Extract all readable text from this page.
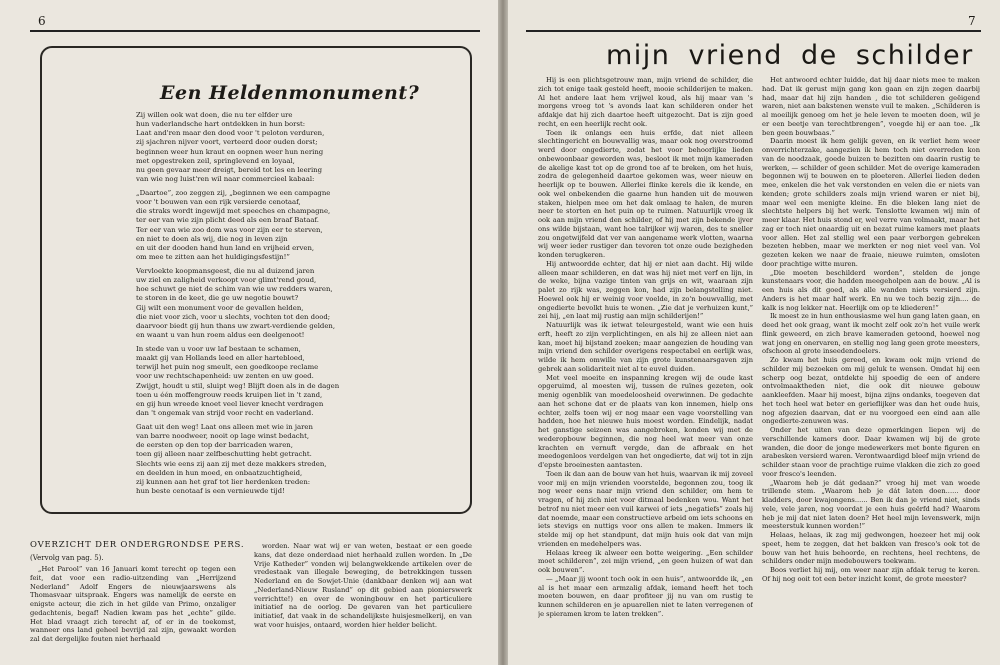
6
Een Heldenmonument?

Zij willen ook wat doen, die nu ter elfder ure

hun vaderlandsche hart ontdekken in hun borst:

Laat and'ren maar den dood voor 't peloton verduren,

zij sjachren nijver voort, verteerd door ouden dorst;

beginnen weer hun kraut en oopnen weer hun nering

met opgestreken zeil, springlevend en loyaal,

nu geen gevaar meer dreigt, bereid tot les en leering

van wie nog luist'ren wil naar commercieel kabaal:

„Daartoe”, zoo zeggen zij, „beginnen we een campagne

voor 't bouwen van een rijk versierde cenotaaf,

die straks wordt ingewijd met speeches en champagne,

ter eer van wie zijn plicht deed als een braaf Bataaf.

Ter eer van wie zoo dom was voor zijn eer te sterven,

en niet te doen als wij, die nog in leven zijn

en uit der dooden hand hun land en vrijheid erven,

om mee te zitten aan het huldigingsfestijn!”

Vervloekte koopmansgeest, die nu al duizend jaren

uw ziel en zaligheid verkoopt voor glimt'rend goud,

hoe schuwt ge niet de schim van wie uw redders waren,

te storen in de keet, die ge uw negotie bouwt?

Gij wilt een monument voor de gevallen helden,

die niet voor zich, voor u slechts, vochten tot den dood;

daarvoor biedt gij hun thans uw zwart-verdiende gelden,

en waant u van hun roem aldus een deelgenoot!

In stede van u voor uw laf bestaan te schamen,

maakt gij van Hollands leed en aller hartebloed,

terwijl het puin nog smeult, een goedkoope reclame

voor uw rechtschapenheid: uw zenten en uw goed.

Zwijgt, houdt u stil, sluipt weg! Blijft doen als in de dagen

toen u één moffengrouw reeds kruipen liet in 't zand,

en gij hun wreede knoet veel liever knecht verdragen

dan 't ongemak van strijd voor recht en vaderland.

Gaat uit den weg! Laat ons alleen met wie in jaren

van barre noodweer, nooit op lage winst bedacht,

de eersten op den top der barricaden waren,

toen gij alleen naar zelfbeschutting hebt getracht.

Slechts wie eens zij aan zij met deze makkers streden,

en deelden in hun moed, en onbaatzuchtigheid,

zij kunnen aan het graf tot lier herdenken treden:

hun beste cenotaaf is een vernieuwde tijd!

OVERZICHT DER ONDERGRONDSE PERS.

(Vervolg van pag. 5).

„Het Parool” van 16 Januari komt terecht op tegen een feit, dat voor een radio-uitzending van „Herrijzend Nederland” Adolf Engers de nieuwjaarswens als Thomasvaar uitspraak. Engers was namelijk de eerste en enigste acteur, die zich in het gilde van Primo, onzaliger gedachtenis, begaf! Nadien kwam pas het „echte” gilde. Het blad vraagt zich terecht af, of er in de toekomst, wanneer ons land geheel bevrijd zal zijn, gewaakt worden zal dat dergelijke fouten niet herhaald

worden. Naar wat wij er van weten, bestaat er een goede kans, dat deze onderdaad niet herhaald zullen worden. In „De Vrije Katheder” vonden wij belangwekkende artikelen over de vredestaak van illegale beweging, de betrekkingen tussen Nederland en de Sowjet-Unie (dankbaar denken wij aan wat „Nederland-Nieuw Rusland” op dit gebied aan pionierswerk verrichtte!) en over de woningbouw en het particuliere initiatief na de oorlog. De gevaren van het particuliere initiatief, dat vaak in de schandelijkste huisjesmelkerij, en van wat voor huisjes, ontaard, worden hier helder belicht.

7
mijn vriend de schilder

Hij is een plichtsgetrouw man, mijn vriend de schilder, die zich tot enige taak gesteld heeft, mooie schilderijen te maken. Al het andere laat hem vrijwel koud, als hij maar van 's morgens vroeg tot 's avonds laat kan schilderen onder het afdakje dat hij zich daartoe heeft uitgezocht. Dat is zijn goed recht, en een heerlijk recht ook.

Toen ik onlangs een huis erfde, dat niet alleen slechtingericht en bouwvallig was, maar ook nog overstroomd werd door ongedierte, zodat het voor behoorlijke lieden onbewoonbaar geworden was, besloot ik met mijn kameraden de akelige kast tot op de grond toe af te breken, om het huis, zodra de gelegenheid daartoe gekomen was, weer nieuw en heerlijk op te bouwen. Allerlei flinke kerels die ik kende, en ook wel onbekenden die gaarne hun handen uit de mouwen staken, hielpen mee om het dak omlaag te halen, de muren neer te storten en het puin op te ruimen. Natuurlijk vroeg ik ook aan mijn vriend den schilder, of hij met zijn bekende ijver ons wilde bijstaan, want hoe talrijker wij waren, des te sneller zou ongetwijfeld dat ver van aangename werk vlotten, waarna wij weer ieder rustiger dan tevoren tot onze oude bezigheden konden terugkeren.

Hij antwoordde echter, dat hij er niet aan dacht. Hij wilde alleen maar schilderen, en dat was hij niet met verf en lijn, in de weke, bijna vazige tinten van grijs en wit, waaraan zijn palet zo rijk was, zeggen kon, had zijn belangstelling niet. Hoewel ook hij er weinig voor voelde, in zo'n bouwvallig, met ongedierte bevolkt huis te wonen. „Zie dat je verhuizen kunt,” zei hij, „en laat mij rustig aan mijn schilderijen!”

Natuurlijk was ik ietwat teleurgesteld, want wie een huis erft, heeft zo zijn verplichtingen, en als hij ze alleen niet aan kan, moet hij bijstand zoeken; maar aangezien de houding van mijn vriend den schilder overigens respectabel en eerlijk was, wilde ik hem omwille van zijn grote kunstenaarsgaven zijn gebrek aan solidariteit niet al te euvel duiden.

Met veel moeite en inspanning kregen wij de oude kast opgeruimd, al moesten wij, tussen de ruïnes gezeten, ook menig ogenblik van moedeloosheid overwinnen. De gedachte aan het schone dat er de plaats van kon innemen, hielp ons echter, zelfs toen wij er nog maar een vage voorstelling van hadden, hoe het nieuwe huis moest worden. Eindelijk, nadat het ganstige seizoen was aangebroken, konden wij met de wederopbouw beginnen, die nog heel wat meer van onze krachten en vernuft vergde, dan de afbraak en het meedogenloos verdelgen van het ongedierte, dat wij tot in zijn d'epste broeinesten aantasten.

Toen ik dan aan de bouw van het huis, waarvan ik mij zoveel voor mij en mijn vrienden voorstelde, begonnen zou, toog ik nog weer eens naar mijn vriend den schilder, om hem te vragen, of hij zich niet voor ditmaal bedenken wou. Want het betrof nu niet meer een vuil karwei of iets „negatiefs” zoals hij dat noemde, maar een constructieve arbeid om iets schoons en iets stevigs en nuttigs voor ons allen te maken. Immers ik stelde mij op het standpunt, dat mijn huis ook dat van mijn vrienden en medehelpers was.

Helaas kreeg ik alweer een botte weigering. „Een schilder moet schilderen”, zei mijn vriend, „en geen huizen of wat dan ook bouwen”.

— „Maar jij woont toch ook in een huis”, antwoordde ik, „en al is het maar een armzalig afdak, iemand heeft het toch moeten bouwen, en daar profiteer jij nu van om rustig te kunnen schilderen en je apuarellen niet te laten verregenen of je spieramen krom te laten trekken”.

Het antwoord echter luidde, dat hij daar niets mee te maken had. Dat ik gerust mijn gang kon gaan en zijn zegen daarbij had, maar dat hij zijn handen , die tot schilderen geëigend waren, niet aan bakstenen wenste vuil te maken. „Schilderen is al moeilijk genoeg om het je hele leven te moeten doen, wil je er een beetje van terechtbrengen”, voegde hij er aan toe. „Ik ben geen bouwbaas.”

Daarin moest ik hem gelijk geven, en ik verliet hem weer onverrichterzake, aangezien ik hem toch niet overreden kon van de noodzaak, goede buizen te bezitten om daarin rustig te werken, — schilder of geen schilder. Met de overige kameraden begonnen wij te bouwen en te ploeteren. Allerlei lieden deden mee, enkelen die het vak verstonden en velen die er niets van kenden; grote schilders zoals mijn vriend waren er niet bij, maar wel een menigte kleine. En die bleken lang niet de slechtste helpers bij het werk. Tenslotte kwamen wij min of meer klaar. Het huis stond er, wel verre van volmaakt, maar het zag er toch niet onaardig uit en bezat ruime kamers met plaats voor allen. Het zal stellig wel een paar verborgen gebreken bezeten hebben, maar we merkten er nog niet veel van. Vol gezeten keken we naar de fraaie, nieuwe ruimten, omsloten door prachtige witte muren.

„Die moeten beschilderd worden”, stelden de jonge kunstenaars voor, die hadden meegeholpen aan de bouw. „Al is een huis als dit goed, als alle wanden niets versierd zijn. Anders is het maar half werk. En nu we toch bezig zijn.... de kalk is nog lekker nat. Heerlijk om op te kliederen!”

Ik moest ze in hun enthousiasme wel hun gang laten gaan, en deed het ook graag, want ik mocht zelf ook zo'n het vuile werk flink geweerd, en zich brave kameraden getoond, hoewel nog wat jong en onervaren, en stellig nog lang geen grote meesters, ofschoon al grote inseedendoelers.

Zo kwam het huis gereed, en kwam ook mijn vriend de schilder mij bezoeken om mij geluk te wensen. Omdat hij een scherp oog bezat, ontdekte hij spoedig de een of andere ontvolmaaktheden niet, die ook dit nieuwe gebouw aankleefden. Maar hij moest, bijna zijns ondanks, toegeven dat het toch heel wat beter en gerieflijker was dan het oude huis, nog afgezien daarvan, dat er nu voorgoed een eind aan alle ongedierte-zenuwen was.

Onder het uiten van deze opmerkingen liepen wij de verschillende kamers door. Daar kwamen wij bij de grote wanden, die door de jonge medewerkers met bonte figuren en arabesken versierd waren. Verontwaardigd bleef mijn vriend de schilder staan voor de prachtige ruime vlakken die zich zo goed voor fresco's leenden.

„Waarom heb je dát gedaan?” vroeg hij met van woede trillende stem. „Waarom heb je dát laten doen...... door kladders, door kwajongens...... Ben ik dan je vriend niet, sinds vele, vele jaren, nog voordat je een huis geërfd had? Waarom heb je mij dat niet laten doen? Het heel mijn levenswerk, mijn meesterstuk kunnen worden!”

Helaas, helaas, ik zag mij gedwongen, hoezeer het mij ook speet, hem te zeggen, dat het bakken van fresco's ook tot de bouw van het huis behoorde, en rechtens, heel rechtens, de schilders onder mijn medebouwers toekwam.

Boos verliet hij mij, om weer naar zijn afdak terug te keren. Of hij nog ooit tot een beter inzicht komt, de grote meester?
